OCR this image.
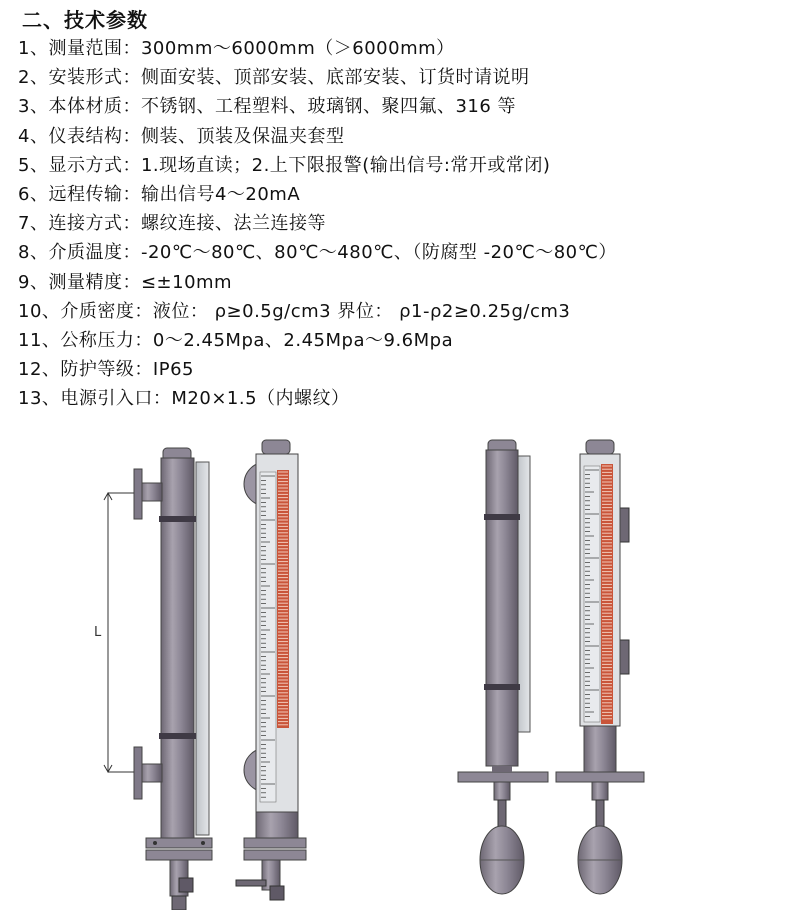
二、技术参数
1、测量范围：300mm～6000mm（＞6000mm）
2、安装形式：侧面安装、顶部安装、底部安装、订货时请说明
3、本体材质：不锈钢、工程塑料、玻璃钢、聚四氟、316 等
4、仪表结构：侧装、顶装及保温夹套型
5、显示方式：1.现场直读；2.上下限报警(输出信号:常开或常闭)
6、远程传输：输出信号4～20mA
7、连接方式：螺纹连接、法兰连接等
8、介质温度：-20℃～80℃、80℃～480℃、（防腐型 -20℃～80℃）
9、测量精度：≤±10mm
10、介质密度：液位： ρ≥0.5g/cm3 界位： ρ1-ρ2≥0.25g/cm3
11、公称压力：0～2.45Mpa、2.45Mpa～9.6Mpa
12、防护等级：IP65
13、电源引入口：M20×1.5（内螺纹）
L
